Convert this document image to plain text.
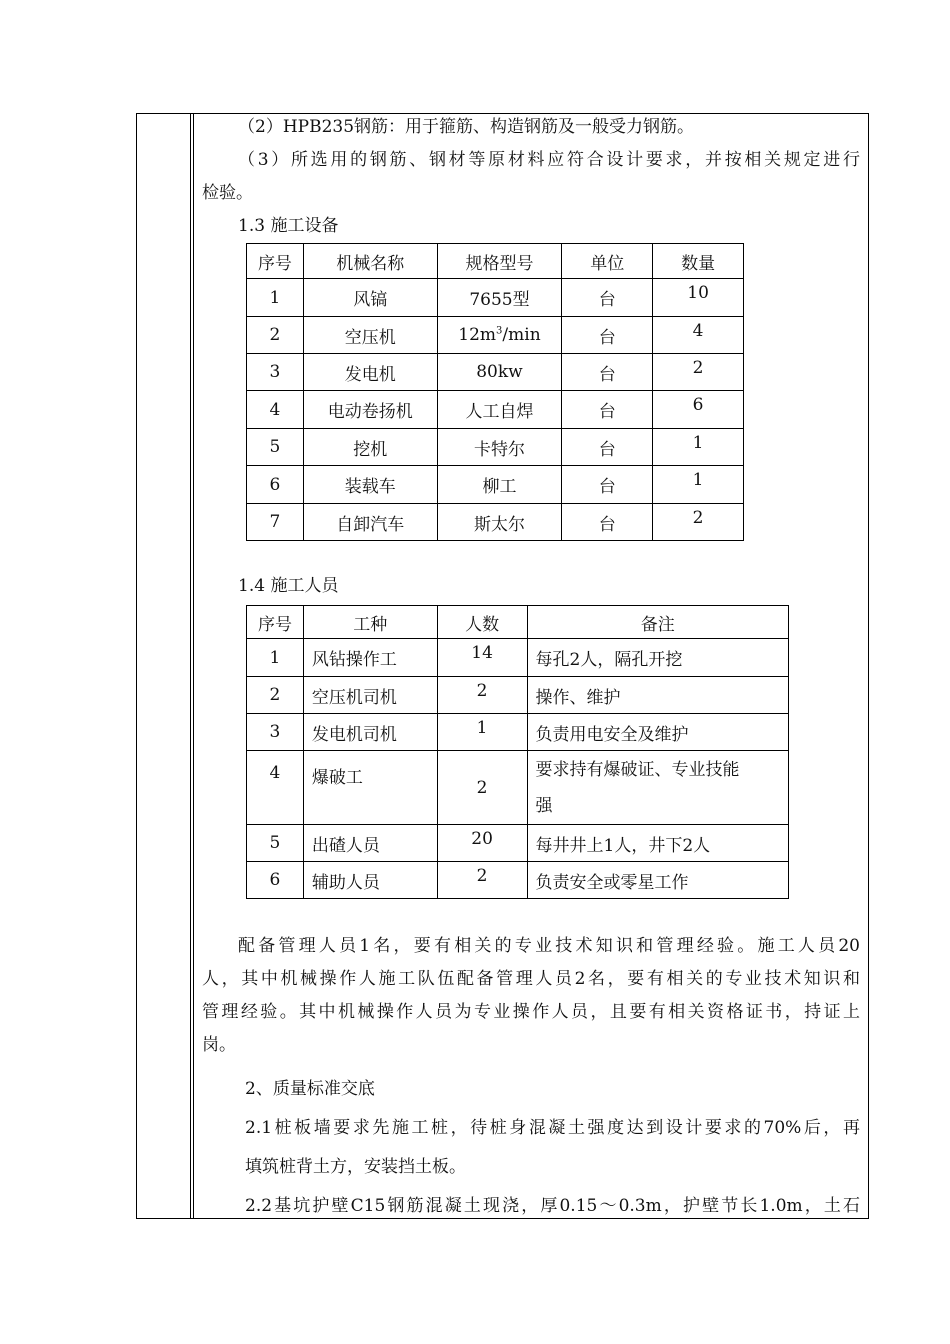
（2）HPB235钢筋：用于箍筋、构造钢筋及一般受力钢筋。
（3）所选用的钢筋、钢材等原材料应符合设计要求，并按相关规定进行
检验。
1.3 施工设备
序号	机械名称	规格型号	单位	数量
1	风镐	7655型	台	10
2	空压机	$12m^3/\min$	台	4
3	发电机	80kw	台	2
4	电动卷扬机	人工自焊	台	6
5	挖机	卡特尔	台	1
6	装载车	柳工	台	1
7	自卸汽车	斯太尔	台	2
1.4 施工人员
序号	工种	人数	备注
1	风钻操作工	14	每孔2人，隔孔开挖
2	空压机司机	2	操作、维护
3	发电机司机	1	负责用电安全及维护
4	爆破工	2	要求持有爆破证、专业技能
强
5	出碴人员	20	每井井上1人，井下2人
6	辅助人员	2	负责安全或零星工作
配备管理人员1名，要有相关的专业技术知识和管理经验。施工人员20
人，其中机械操作人施工队伍配备管理人员2名，要有相关的专业技术知识和
管理经验。其中机械操作人员为专业操作人员，且要有相关资格证书，持证上
岗。
2、质量标准交底
2.1桩板墙要求先施工桩，待桩身混凝土强度达到设计要求的70%后，再
填筑桩背土方，安装挡土板。
2.2基坑护壁C15钢筋混凝土现浇，厚0.15～0.3m，护壁节长1.0m，土石
